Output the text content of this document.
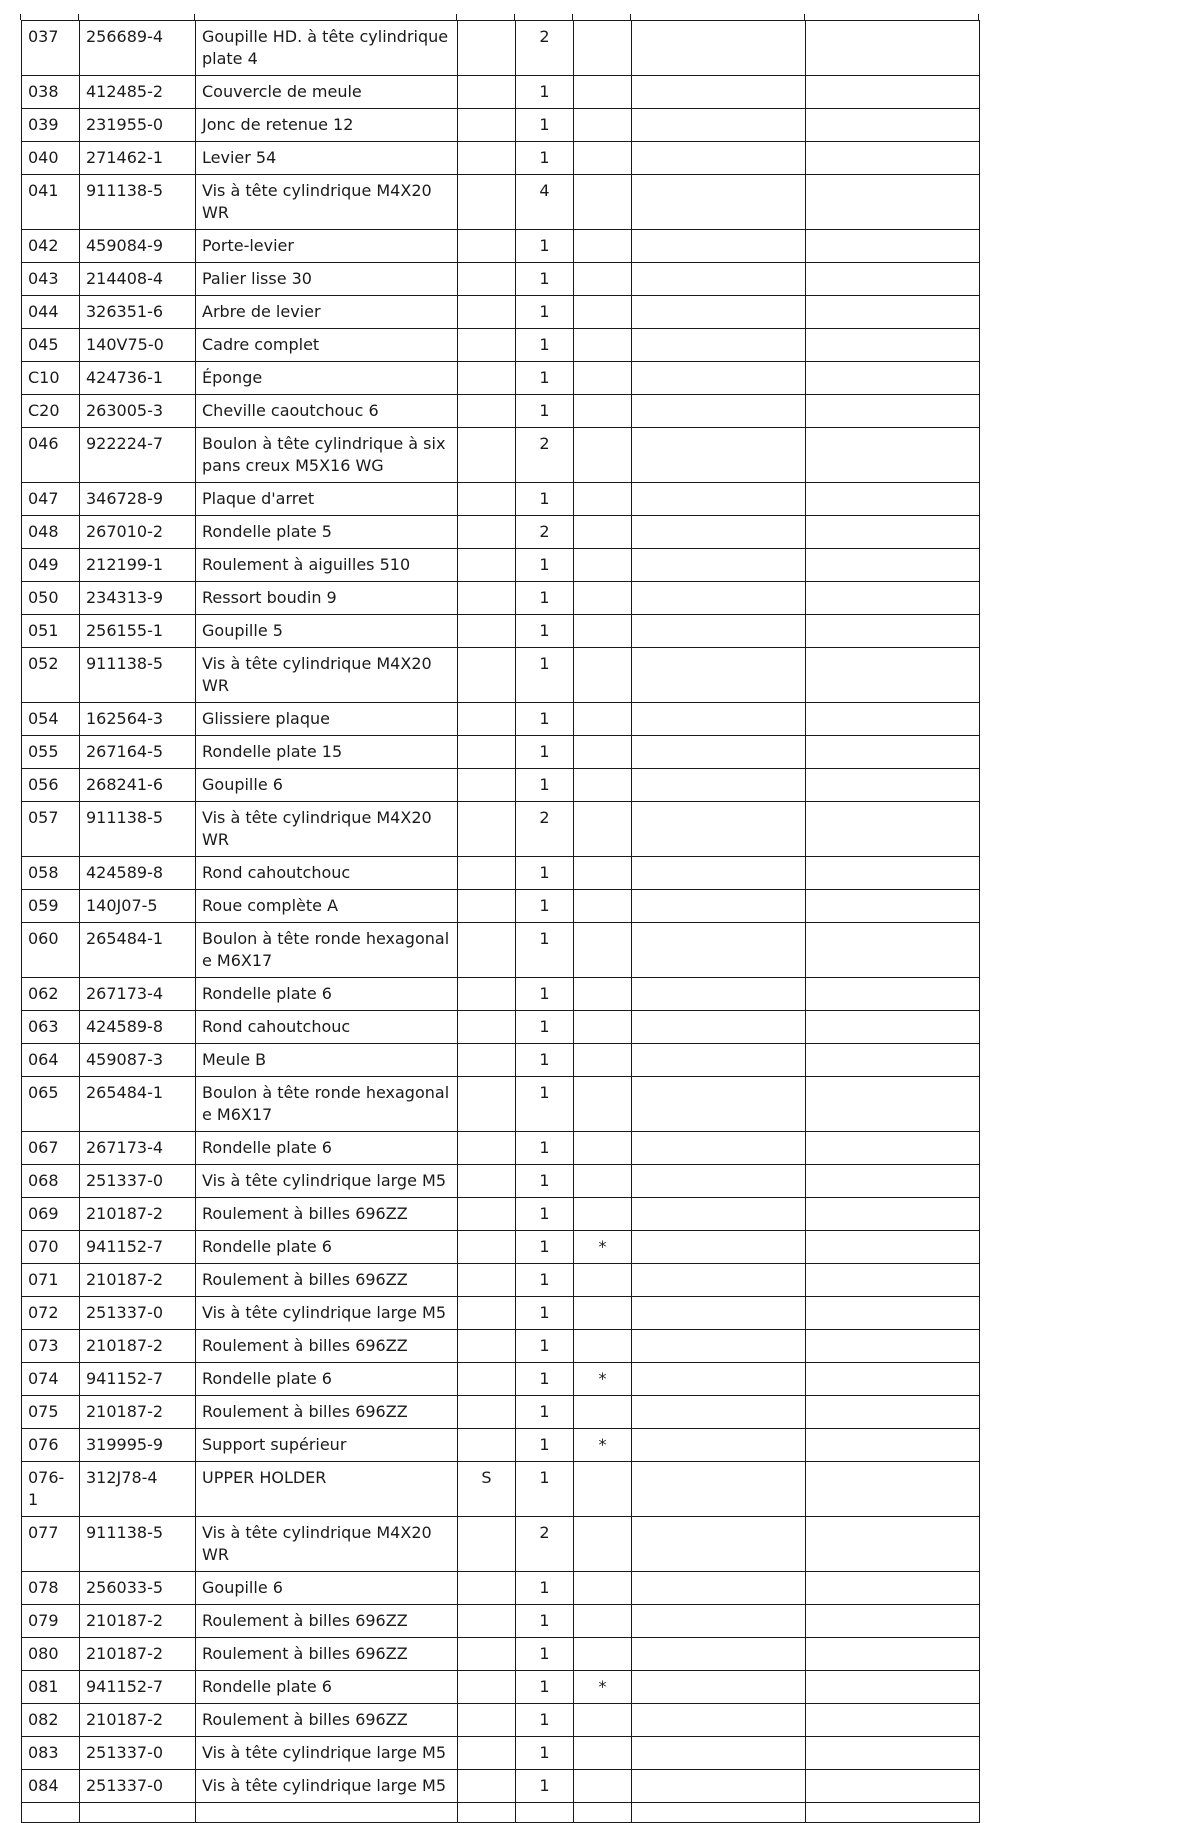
037	256689-4	Goupille HD. à tête cylindrique plate 4		2			
038	412485-2	Couvercle de meule		1			
039	231955-0	Jonc de retenue 12		1			
040	271462-1	Levier 54		1			
041	911138-5	Vis à tête cylindrique M4X20 WR		4			
042	459084-9	Porte-levier		1			
043	214408-4	Palier lisse 30		1			
044	326351-6	Arbre de levier		1			
045	140V75-0	Cadre complet		1			
C10	424736-1	Éponge		1			
C20	263005-3	Cheville caoutchouc 6		1			
046	922224-7	Boulon à tête cylindrique à six pans creux M5X16 WG		2			
047	346728-9	Plaque d'arret		1			
048	267010-2	Rondelle plate 5		2			
049	212199-1	Roulement à aiguilles 510		1			
050	234313-9	Ressort boudin 9		1			
051	256155-1	Goupille 5		1			
052	911138-5	Vis à tête cylindrique M4X20 WR		1			
054	162564-3	Glissiere plaque		1			
055	267164-5	Rondelle plate 15		1			
056	268241-6	Goupille 6		1			
057	911138-5	Vis à tête cylindrique M4X20 WR		2			
058	424589-8	Rond cahoutchouc		1			
059	140J07-5	Roue complète A		1			
060	265484-1	Boulon à tête ronde hexagonale M6X17		1			
062	267173-4	Rondelle plate 6		1			
063	424589-8	Rond cahoutchouc		1			
064	459087-3	Meule B		1			
065	265484-1	Boulon à tête ronde hexagonale M6X17		1			
067	267173-4	Rondelle plate 6		1			
068	251337-0	Vis à tête cylindrique large M5		1			
069	210187-2	Roulement à billes 696ZZ		1			
070	941152-7	Rondelle plate 6		1	*		
071	210187-2	Roulement à billes 696ZZ		1			
072	251337-0	Vis à tête cylindrique large M5		1			
073	210187-2	Roulement à billes 696ZZ		1			
074	941152-7	Rondelle plate 6		1	*		
075	210187-2	Roulement à billes 696ZZ		1			
076	319995-9	Support supérieur		1	*		
076-1	312J78-4	UPPER HOLDER	S	1			
077	911138-5	Vis à tête cylindrique M4X20 WR		2			
078	256033-5	Goupille 6		1			
079	210187-2	Roulement à billes 696ZZ		1			
080	210187-2	Roulement à billes 696ZZ		1			
081	941152-7	Rondelle plate 6		1	*		
082	210187-2	Roulement à billes 696ZZ		1			
083	251337-0	Vis à tête cylindrique large M5		1			
084	251337-0	Vis à tête cylindrique large M5		1			
